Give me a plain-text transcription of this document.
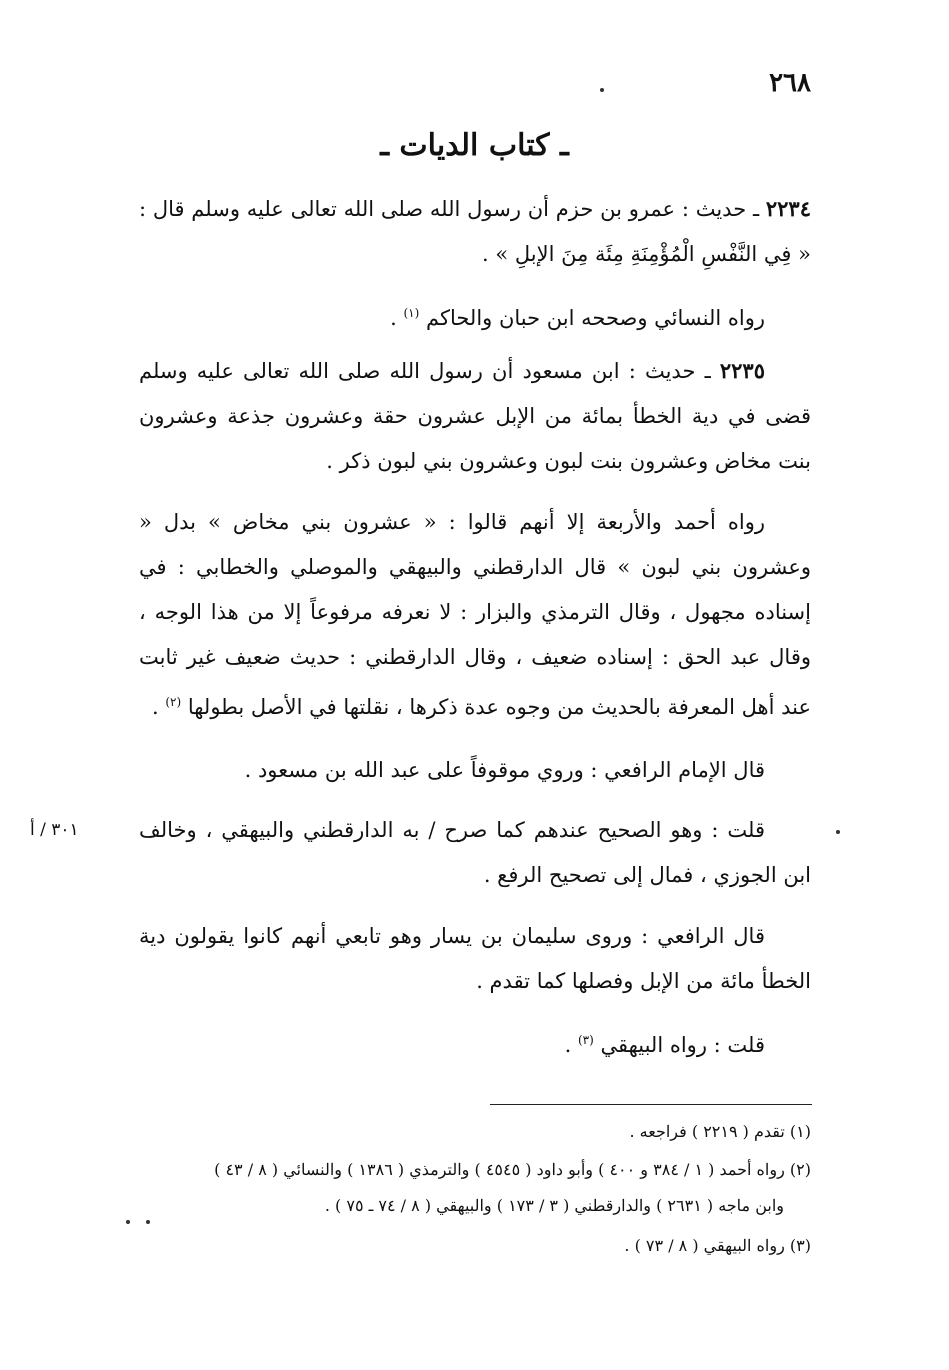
٢٦٨
ـ كتاب الديات ـ
٢٢٣٤ ـ حديث : عمرو بن حزم أن رسول الله صلى الله تعالى عليه وسلم قال : « فِي النَّفْسِ الْمُؤْمِنَةِ مِئَة مِنَ الإبلِ » .
رواه النسائي وصححه ابن حبان والحاكم $^{(١)}$ .
٢٢٣٥ ـ حديث : ابن مسعود أن رسول الله صلى الله تعالى عليه وسلم قضى في دية الخطأ بمائة من الإبل عشرون حقة وعشرون جذعة وعشرون بنت مخاض وعشرون بنت لبون وعشرون بني لبون ذكر .
رواه أحمد والأربعة إلا أنهم قالوا : « عشرون بني مخاض » بدل « وعشرون بني لبون » قال الدارقطني والبيهقي والموصلي والخطابي : في إسناده مجهول ، وقال الترمذي والبزار : لا نعرفه مرفوعاً إلا من هذا الوجه ، وقال عبد الحق : إسناده ضعيف ، وقال الدارقطني : حديث ضعيف غير ثابت عند أهل المعرفة بالحديث من وجوه عدة ذكرها ، نقلتها في الأصل بطولها $^{(٢)}$ .
قال الإمام الرافعي : وروي موقوفاً على عبد الله بن مسعود .
قلت : وهو الصحيح عندهم كما صرح / به الدارقطني والبيهقي ، وخالف ابن الجوزي ، فمال إلى تصحيح الرفع .
٣٠١ / أ
قال الرافعي : وروى سليمان بن يسار وهو تابعي أنهم كانوا يقولون دية الخطأ مائة من الإبل وفصلها كما تقدم .
قلت : رواه البيهقي $^{(٣)}$ .
(١) تقدم ( ٢٢١٩ ) فراجعه .
(٢) رواه أحمد ( ١ / ٣٨٤ و ٤٠٠ ) وأبو داود ( ٤٥٤٥ ) والترمذي ( ١٣٨٦ ) والنسائي ( ٨ / ٤٣ )
وابن ماجه ( ٢٦٣١ ) والدارقطني ( ٣ / ١٧٣ ) والبيهقي ( ٨ / ٧٤ ـ ٧٥ ) .
(٣) رواه البيهقي ( ٨ / ٧٣ ) .
